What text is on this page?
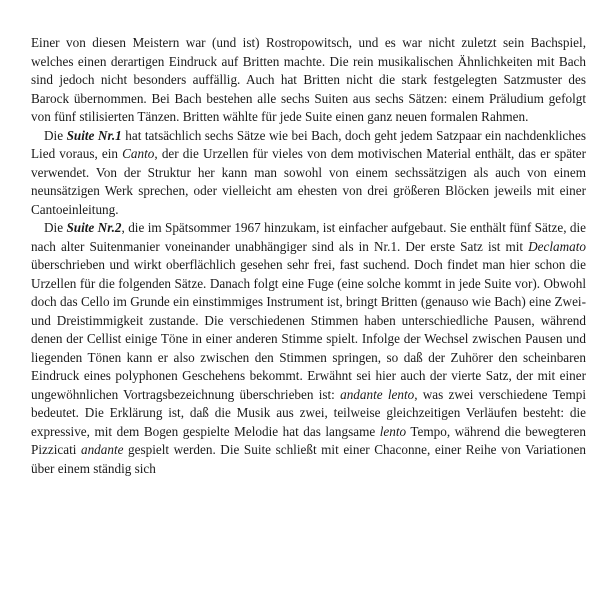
Einer von diesen Meistern war (und ist) Rostropowitsch, und es war nicht zuletzt sein Bachspiel, welches einen derartigen Eindruck auf Britten machte. Die rein musikalischen Ähnlichkeiten mit Bach sind jedoch nicht besonders auffällig. Auch hat Britten nicht die stark festgelegten Satzmuster des Barock übernommen. Bei Bach bestehen alle sechs Suiten aus sechs Sätzen: einem Präludium gefolgt von fünf stilisierten Tänzen. Britten wählte für jede Suite einen ganz neuen formalen Rahmen.

Die Suite Nr.1 hat tatsächlich sechs Sätze wie bei Bach, doch geht jedem Satzpaar ein nachdenkliches Lied voraus, ein Canto, der die Urzellen für vieles von dem motivischen Material enthält, das er später verwendet. Von der Struktur her kann man sowohl von einem sechssätzigen als auch von einem neunsätzigen Werk sprechen, oder vielleicht am ehesten von drei größeren Blöcken jeweils mit einer Cantoeinleitung.

Die Suite Nr.2, die im Spätsommer 1967 hinzukam, ist einfacher aufgebaut. Sie enthält fünf Sätze, die nach alter Suitenmanier voneinander unabhängiger sind als in Nr.1. Der erste Satz ist mit Declamato überschrieben und wirkt oberflächlich gesehen sehr frei, fast suchend. Doch findet man hier schon die Urzellen für die folgenden Sätze. Danach folgt eine Fuge (eine solche kommt in jede Suite vor). Obwohl doch das Cello im Grunde ein einstimmiges Instrument ist, bringt Britten (genauso wie Bach) eine Zwei- und Dreistimmigkeit zustande. Die verschiedenen Stimmen haben unterschiedliche Pausen, während denen der Cellist einige Töne in einer anderen Stimme spielt. Infolge der Wechsel zwischen Pausen und liegenden Tönen kann er also zwischen den Stimmen springen, so daß der Zuhörer den scheinbaren Eindruck eines polyphonen Geschehens bekommt. Erwähnt sei hier auch der vierte Satz, der mit einer ungewöhnlichen Vortragsbezeichnung überschrieben ist: andante lento, was zwei verschiedene Tempi bedeutet. Die Erklärung ist, daß die Musik aus zwei, teilweise gleichzeitigen Verläufen besteht: die expressive, mit dem Bogen gespielte Melodie hat das langsame lento Tempo, während die bewegteren Pizzicati andante gespielt werden. Die Suite schließt mit einer Chaconne, einer Reihe von Variationen über einem ständig sich
